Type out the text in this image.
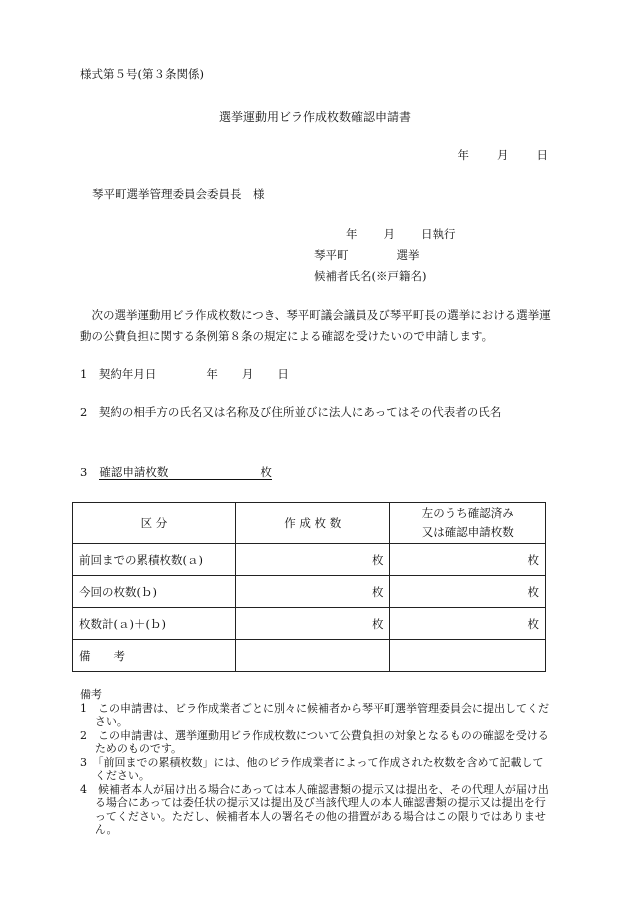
様式第５号(第３条関係)
選挙運動用ビラ作成枚数確認申請書
年 月 日
琴平町選挙管理委員会委員長　様
年 月 日執行
琴平町	選挙
候補者氏名(※戸籍名)
次の選挙運動用ビラ作成枚数につき、琴平町議会議員及び琴平町長の選挙における選挙運動の公費負担に関する条例第８条の規定による確認を受けたいので申請します。
1　契約年月日	年 月 日
2　契約の相手方の氏名又は名称及び住所並びに法人にあってはその代表者の氏名
3 確認申請枚数	枚
区 分	作 成 枚 数	左のうち確認済み
又は確認申請枚数

前回までの累積枚数(ａ)	枚	枚
今回の枚数(ｂ)	枚	枚
枚数計(ａ)＋(ｂ)	枚	枚
備　　考		
備考
1　この申請書は、ビラ作成業者ごとに別々に候補者から琴平町選挙管理委員会に提出してください。
2　この申請書は、選挙運動用ビラ作成枚数について公費負担の対象となるものの確認を受けるためのものです。
3　「前回までの累積枚数」には、他のビラ作成業者によって作成された枚数を含めて記載してください。
4　候補者本人が届け出る場合にあっては本人確認書類の提示又は提出を、その代理人が届け出る場合にあっては委任状の提示又は提出及び当該代理人の本人確認書類の提示又は提出を行ってください。ただし、候補者本人の署名その他の措置がある場合はこの限りではありません。
